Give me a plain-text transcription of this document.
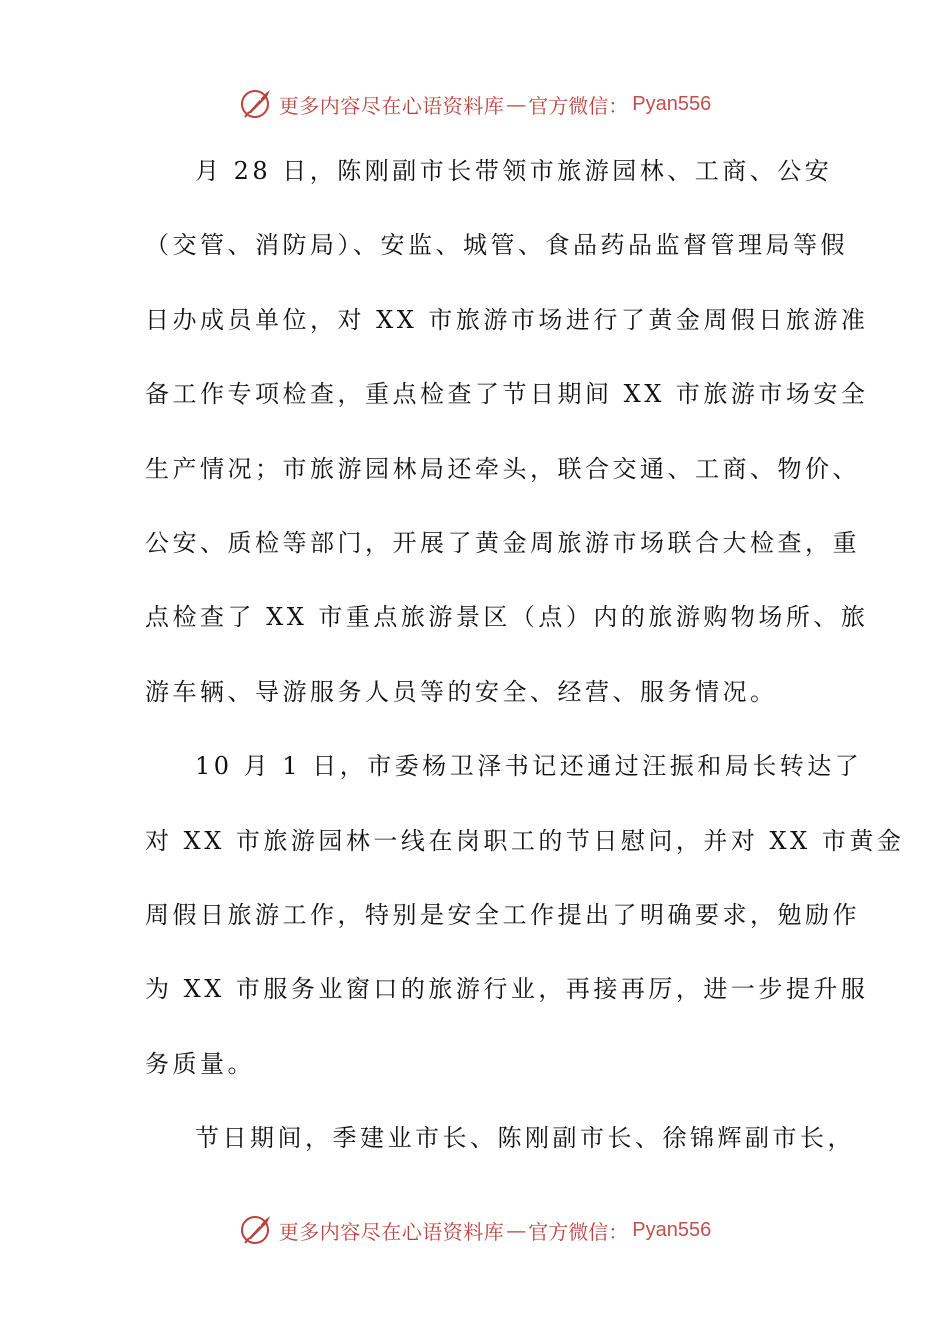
更多内容尽在心语资料库 — 官方微信： Pyan556
月 28 日，陈刚副市长带领市旅游园林、工商、公安
（交管、消防局）、安监、城管、食品药品监督管理局等假
日办成员单位，对 XX 市旅游市场进行了黄金周假日旅游准
备工作专项检查，重点检查了节日期间 XX 市旅游市场安全
生产情况；市旅游园林局还牵头，联合交通、工商、物价、
公安、质检等部门，开展了黄金周旅游市场联合大检查，重
点检查了 XX 市重点旅游景区（点）内的旅游购物场所、旅
游车辆、导游服务人员等的安全、经营、服务情况。
10 月 1 日，市委杨卫泽书记还通过汪振和局长转达了
对 XX 市旅游园林一线在岗职工的节日慰问，并对 XX 市黄金
周假日旅游工作，特别是安全工作提出了明确要求，勉励作
为 XX 市服务业窗口的旅游行业，再接再厉，进一步提升服
务质量。
节日期间，季建业市长、陈刚副市长、徐锦辉副市长，
更多内容尽在心语资料库 — 官方微信： Pyan556
